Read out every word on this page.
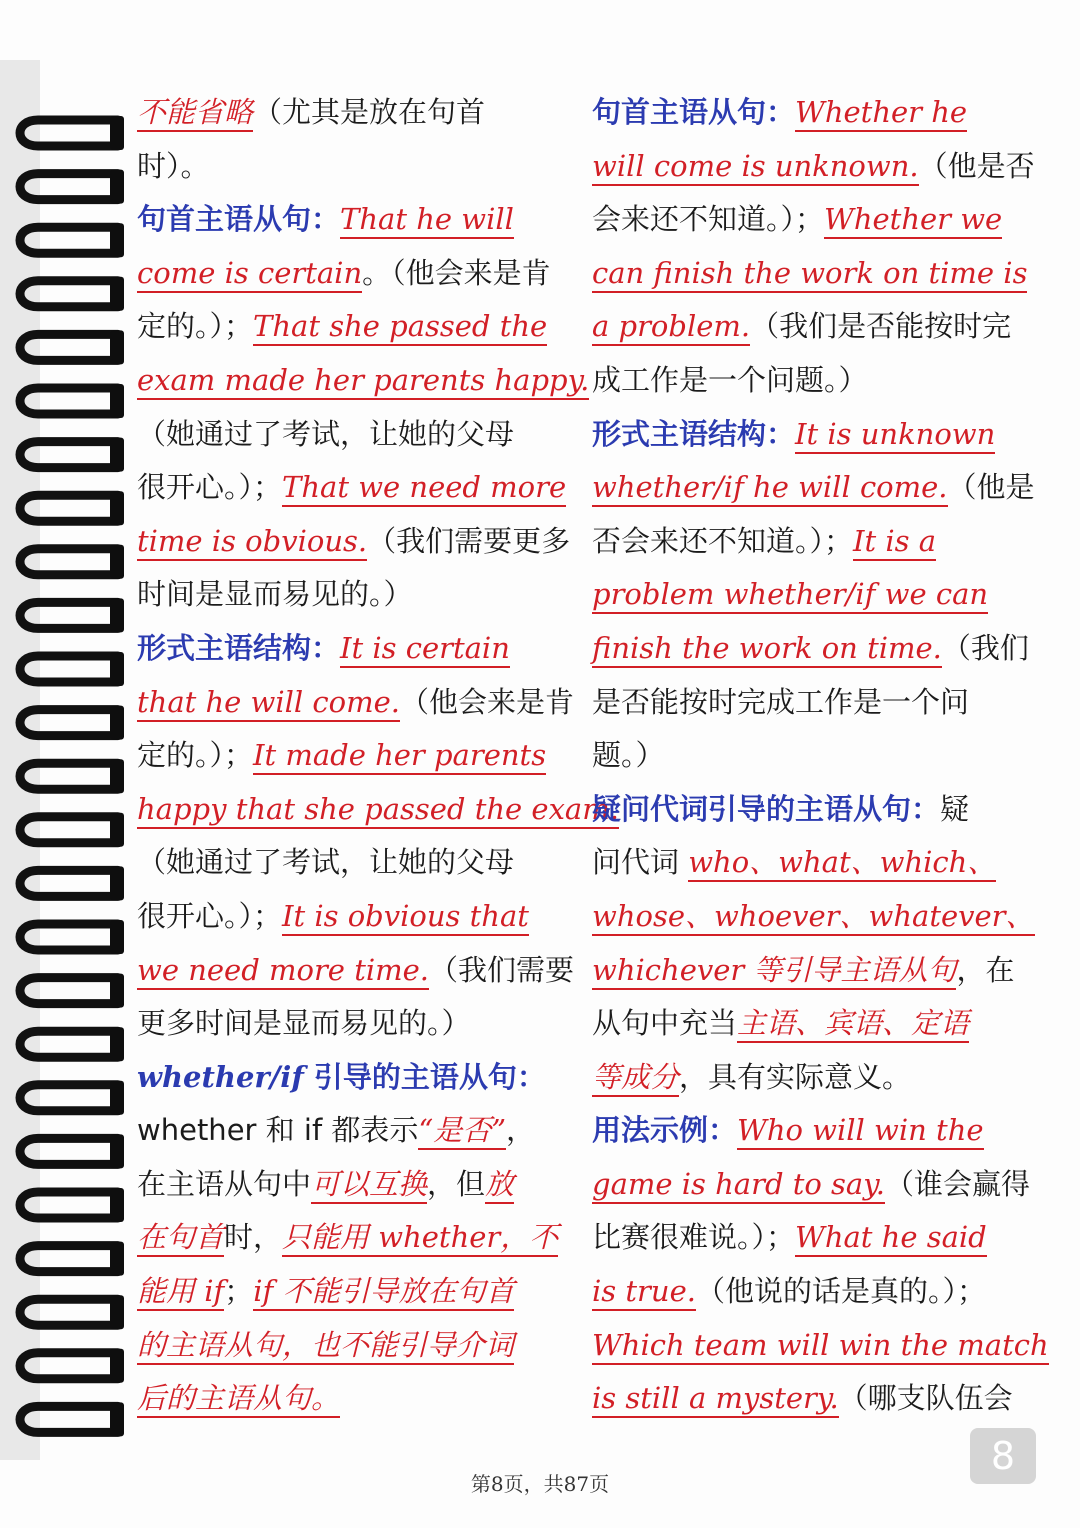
不能省略（尤其是放在句首
时）。
句首主语从句：That he will
come is certain。（他会来是肯
定的。）；That she passed the
exam made her parents happy.
（她通过了考试，让她的父母
很开心。）；That we need more
time is obvious.（我们需要更多
时间是显而易见的。）
形式主语结构：It is certain
that he will come.（他会来是肯
定的。）；It made her parents
happy that she passed the exam.
（她通过了考试，让她的父母
很开心。）；It is obvious that
we need more time.（我们需要
更多时间是显而易见的。）
whether/if 引导的主语从句：
whether 和 if 都表示“是否”，
在主语从句中可以互换，但放
在句首时，只能用 whether，不
能用 if；if 不能引导放在句首
的主语从句，也不能引导介词
后的主语从句。
句首主语从句：Whether he
will come is unknown.（他是否
会来还不知道。）；Whether we
can finish the work on time is
a problem.（我们是否能按时完
成工作是一个问题。）
形式主语结构：It is unknown
whether/if he will come.（他是
否会来还不知道。）；It is a
problem whether/if we can
finish the work on time.（我们
是否能按时完成工作是一个问
题。）
疑问代词引导的主语从句：疑
问代词 who、what、which、
whose、whoever、whatever、
whichever 等引导主语从句，在
从句中充当主语、宾语、定语
等成分，具有实际意义。
用法示例：Who will win the
game is hard to say.（谁会赢得
比赛很难说。）；What he said
is true.（他说的话是真的。）；
Which team will win the match
is still a mystery.（哪支队伍会
8
第8页，共87页
